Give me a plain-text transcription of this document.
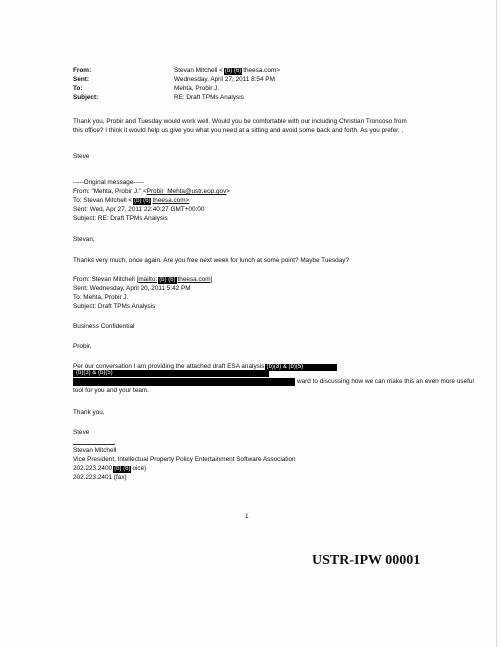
From:	Stevan Mitchell < (b) (6) theesa.com>
Sent:	Wednesday, April 27, 2011 8:54 PM
To:	Mehta, Probir J.
Subject:	RE: Draft TPMs Analysis
Thank you, Probir and Tuesday would work well. Would you be comfortable with our including Christian Troncoso from
this office? I think it would help us give you what you need at a sitting and avoid some back and forth. As you prefer. .
Steve
-----Original message-----
From: "Mehta, Probir J." <Probir_Mehta@ustr.eop.gov>
To: Stevan Mitchell < (b) (6) theesa.com>
Sent: Wed, Apr 27, 2011 22:40:27 GMT+00:00
Subject: RE: Draft TPMs Analysis
Stevan,
Thanks very much, once again. Are you free next week for lunch at some point? Maybe Tuesday?
From: Stevan Mitchell [mailto: (b) (6) theesa.com]
Sent: Wednesday, April 20, 2011 5:42 PM
To: Mehta, Probir J.
Subject: Draft TPMs Analysis
Business Confidential
Probir,
Per our conversation I am providing the attached draft ESA analysis (b)(3) & (b)(5)
(b)(3) & (b)(5)
ward to discussing how we can make this an even more useful
tool for you and your team.
Thank you,
Steve
Stevan Mitchell
Vice President, Intellectual Property Policy Entertainment Software Association
202.223.2400 (b) (6) oice)
202.223.2401 (fax)
1
USTR-IPW 00001
